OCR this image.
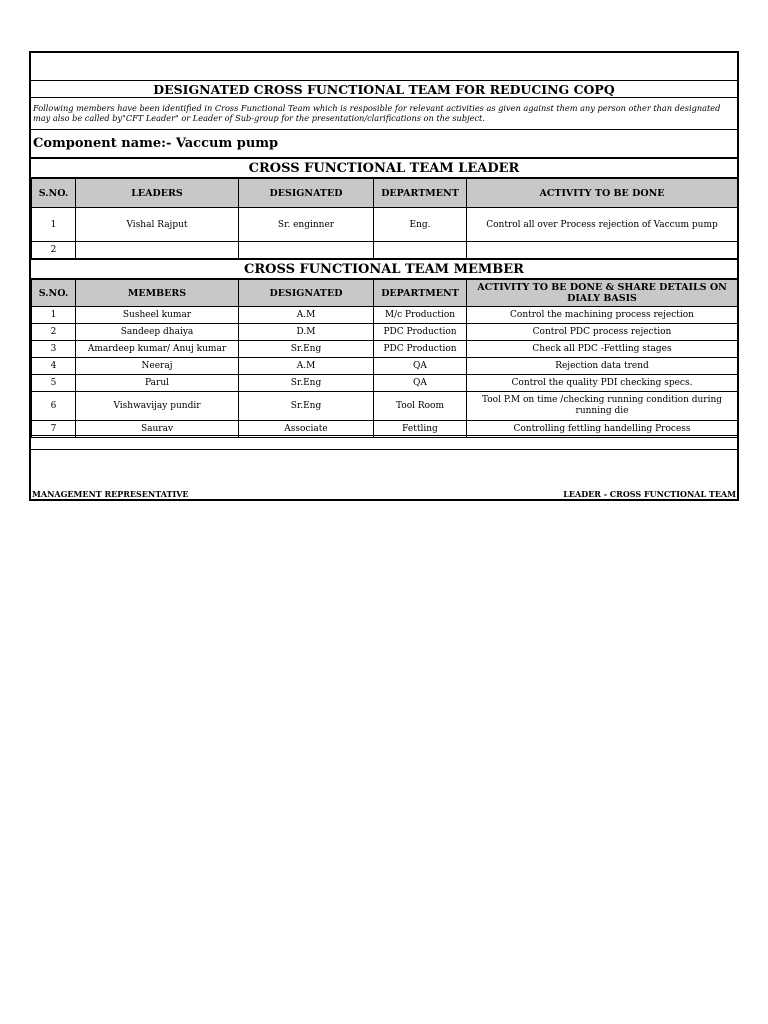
DESIGNATED CROSS FUNCTIONAL TEAM FOR REDUCING COPQ
Following members have been identified in Cross Functional Team which is resposible for relevant activities as given against them any person other than designated may also be called by"CFT Leader" or Leader of Sub-group for the presentation/clarifications on the subject.
Component name:- Vaccum pump
CROSS FUNCTIONAL TEAM LEADER
S.NO.	LEADERS	DESIGNATED	DEPARTMENT	ACTIVITY TO BE DONE
1	Vishal Rajput	Sr. enginner	Eng.	Control all over Process rejection of Vaccum pump
2				
CROSS FUNCTIONAL TEAM MEMBER
S.NO.	MEMBERS	DESIGNATED	DEPARTMENT	ACTIVITY TO BE DONE & SHARE DETAILS ON DIALY BASIS
1	Susheel kumar	A.M	M/c Production	Control the machining process rejection
2	Sandeep dhaiya	D.M	PDC Production	Control PDC process rejection
3	Amardeep kumar/ Anuj kumar	Sr.Eng	PDC Production	Check all PDC -Fettling stages
4	Neeraj	A.M	QA	Rejection data trend
5	Parul	Sr.Eng	QA	Control the quality PDI checking specs.
6	Vishwavijay pundir	Sr.Eng	Tool Room	Tool P.M on time /checking running condition during running die
7	Saurav	Associate	Fettling	Controlling fettling handelling Process
MANAGEMENT REPRESENTATIVE	LEADER - CROSS FUNCTIONAL TEAM
